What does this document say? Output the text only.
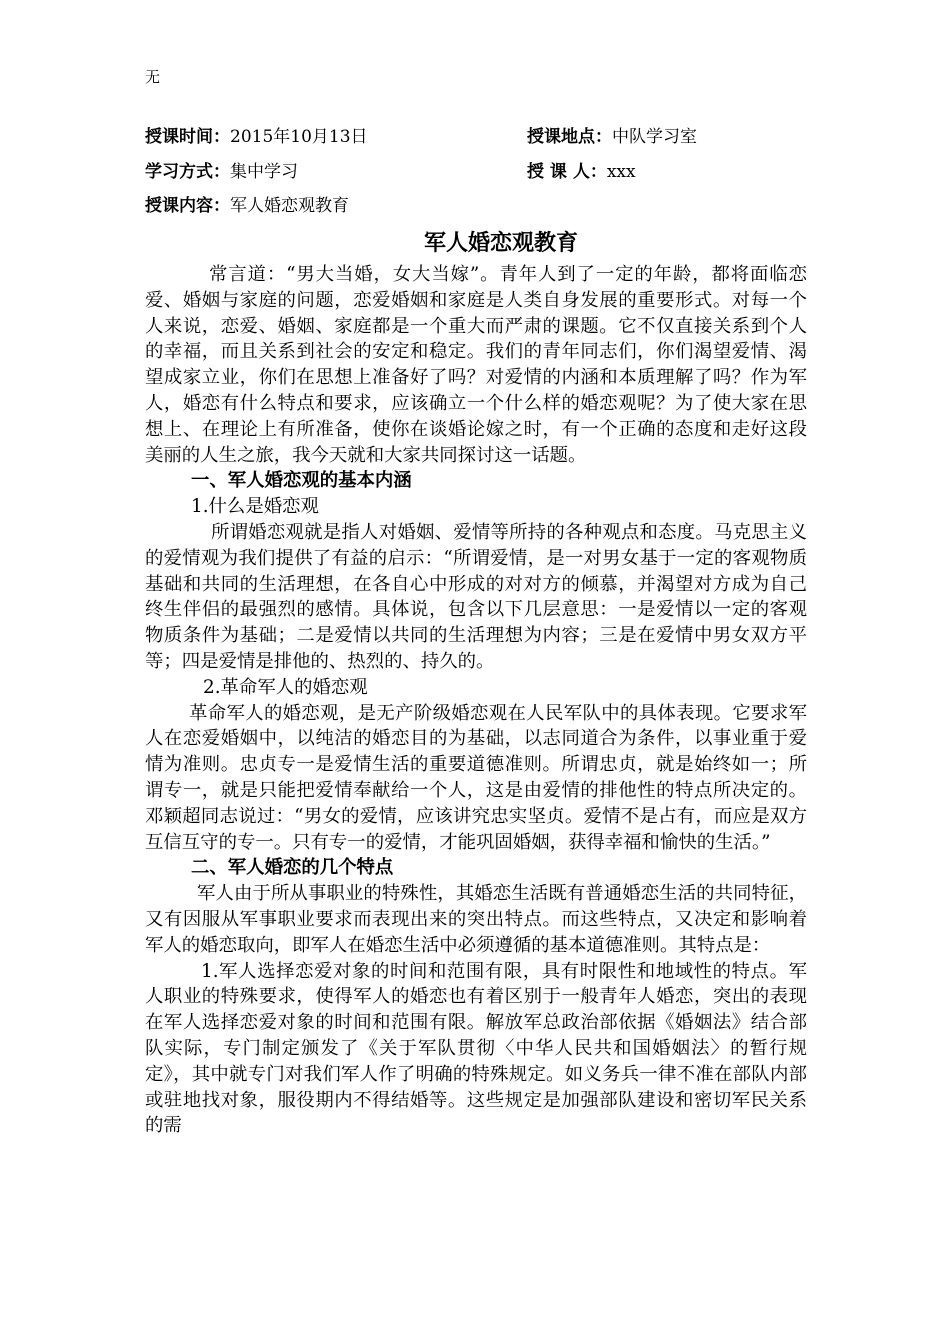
无
授课时间：2015年10月13日	授课地点：中队学习室
学习方式：集中学习	授 课 人：xxx
授课内容：军人婚恋观教育
军人婚恋观教育

常言道：“男大当婚，女大当嫁”。青年人到了一定的年龄，都将面临恋爱、婚姻与家庭的问题，恋爱婚姻和家庭是人类自身发展的重要形式。对每一个人来说，恋爱、婚姻、家庭都是一个重大而严肃的课题。它不仅直接关系到个人的幸福，而且关系到社会的安定和稳定。我们的青年同志们，你们渴望爱情、渴望成家立业，你们在思想上准备好了吗？对爱情的内涵和本质理解了吗？作为军人，婚恋有什么特点和要求，应该确立一个什么样的婚恋观呢？为了使大家在思想上、在理论上有所准备，使你在谈婚论嫁之时，有一个正确的态度和走好这段美丽的人生之旅，我今天就和大家共同探讨这一话题。

一、军人婚恋观的基本内涵

1.什么是婚恋观

所谓婚恋观就是指人对婚姻、爱情等所持的各种观点和态度。马克思主义的爱情观为我们提供了有益的启示：“所谓爱情，是一对男女基于一定的客观物质基础和共同的生活理想，在各自心中形成的对对方的倾慕，并渴望对方成为自己终生伴侣的最强烈的感情。具体说，包含以下几层意思：一是爱情以一定的客观物质条件为基础；二是爱情以共同的生活理想为内容；三是在爱情中男女双方平等；四是爱情是排他的、热烈的、持久的。

2.革命军人的婚恋观

革命军人的婚恋观，是无产阶级婚恋观在人民军队中的具体表现。它要求军人在恋爱婚姻中，以纯洁的婚恋目的为基础，以志同道合为条件，以事业重于爱情为准则。忠贞专一是爱情生活的重要道德准则。所谓忠贞，就是始终如一；所谓专一，就是只能把爱情奉献给一个人，这是由爱情的排他性的特点所决定的。邓颖超同志说过：“男女的爱情，应该讲究忠实坚贞。爱情不是占有，而应是双方互信互守的专一。只有专一的爱情，才能巩固婚姻，获得幸福和愉快的生活。”

二、军人婚恋的几个特点

军人由于所从事职业的特殊性，其婚恋生活既有普通婚恋生活的共同特征，又有因服从军事职业要求而表现出来的突出特点。而这些特点，又决定和影响着军人的婚恋取向，即军人在婚恋生活中必须遵循的基本道德准则。其特点是：

1.军人选择恋爱对象的时间和范围有限，具有时限性和地域性的特点。军人职业的特殊要求，使得军人的婚恋也有着区别于一般青年人婚恋，突出的表现在军人选择恋爱对象的时间和范围有限。解放军总政治部依据《婚姻法》结合部队实际，专门制定颁发了《关于军队贯彻〈中华人民共和国婚姻法〉的暂行规定》，其中就专门对我们军人作了明确的特殊规定。如义务兵一律不准在部队内部或驻地找对象，服役期内不得结婚等。这些规定是加强部队建设和密切军民关系的需
